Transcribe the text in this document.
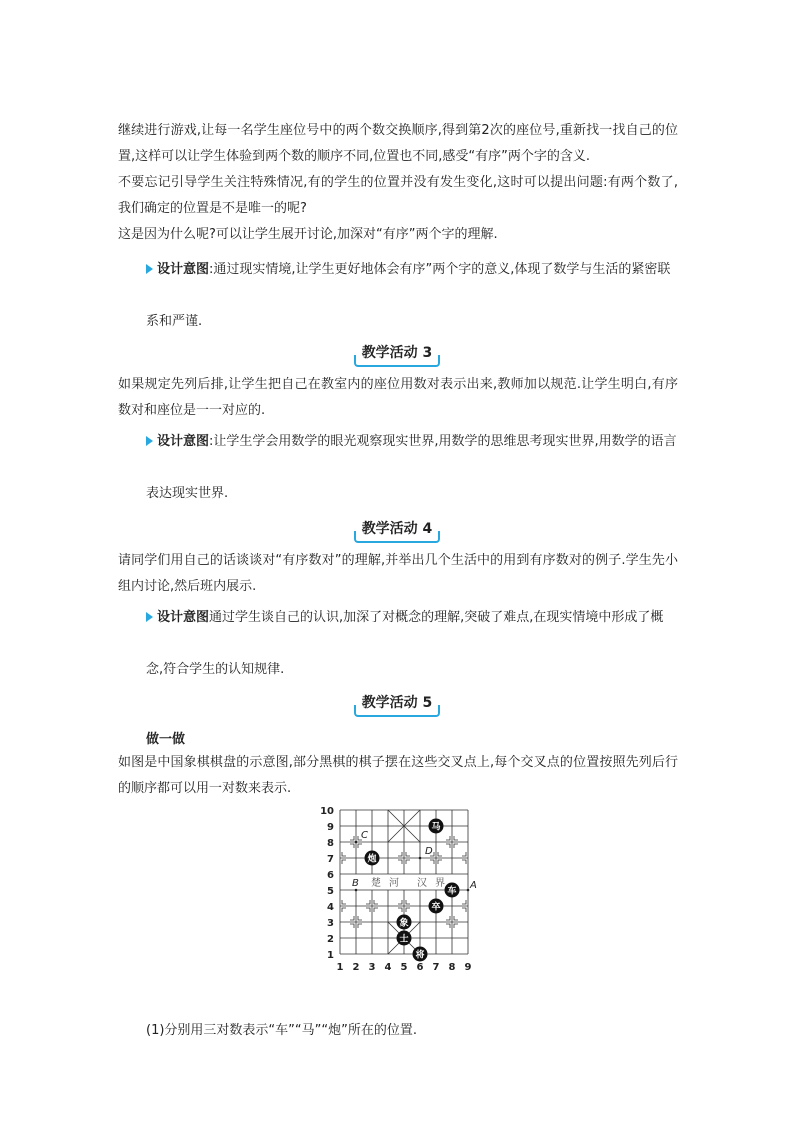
继续进行游戏,让每一名学生座位号中的两个数交换顺序,得到第2次的座位号,重新找一找自己的位置,这样可以让学生体验到两个数的顺序不同,位置也不同,感受“有序”两个字的含义.

不要忘记引导学生关注特殊情况,有的学生的位置并没有发生变化,这时可以提出问题:有两个数了,我们确定的位置是不是唯一的呢?

这是因为什么呢?可以让学生展开讨论,加深对“有序”两个字的理解.

设计意图:通过现实情境,让学生更好地体会有序”两个字的意义,体现了数学与生活的紧密联系和严谨.

教学活动 3

如果规定先列后排,让学生把自己在教室内的座位用数对表示出来,教师加以规范.让学生明白,有序数对和座位是一一对应的.

设计意图:让学生学会用数学的眼光观察现实世界,用数学的思维思考现实世界,用数学的语言表达现实世界.

教学活动 4

请同学们用自己的话谈谈对“有序数对”的理解,并举出几个生活中的用到有序数对的例子.学生先小组内讨论,然后班内展示.

设计意图通过学生谈自己的认识,加深了对概念的理解,突破了难点,在现实情境中形成了概念,符合学生的认知规律.

教学活动 5
做一做

如图是中国象棋棋盘的示意图,部分黑棋的棋子摆在这些交叉点上,每个交叉点的位置按照先列后行的顺序都可以用一对数来表示.

楚 河 汉 界
1 2 3 4 5 6 7 8 9
1
2
3
4
5
6
7
8
9
10
C
D
B	A
马
炮
车
卒
象
士
将
(1)分别用三对数表示“车”“马”“炮”所在的位置.
